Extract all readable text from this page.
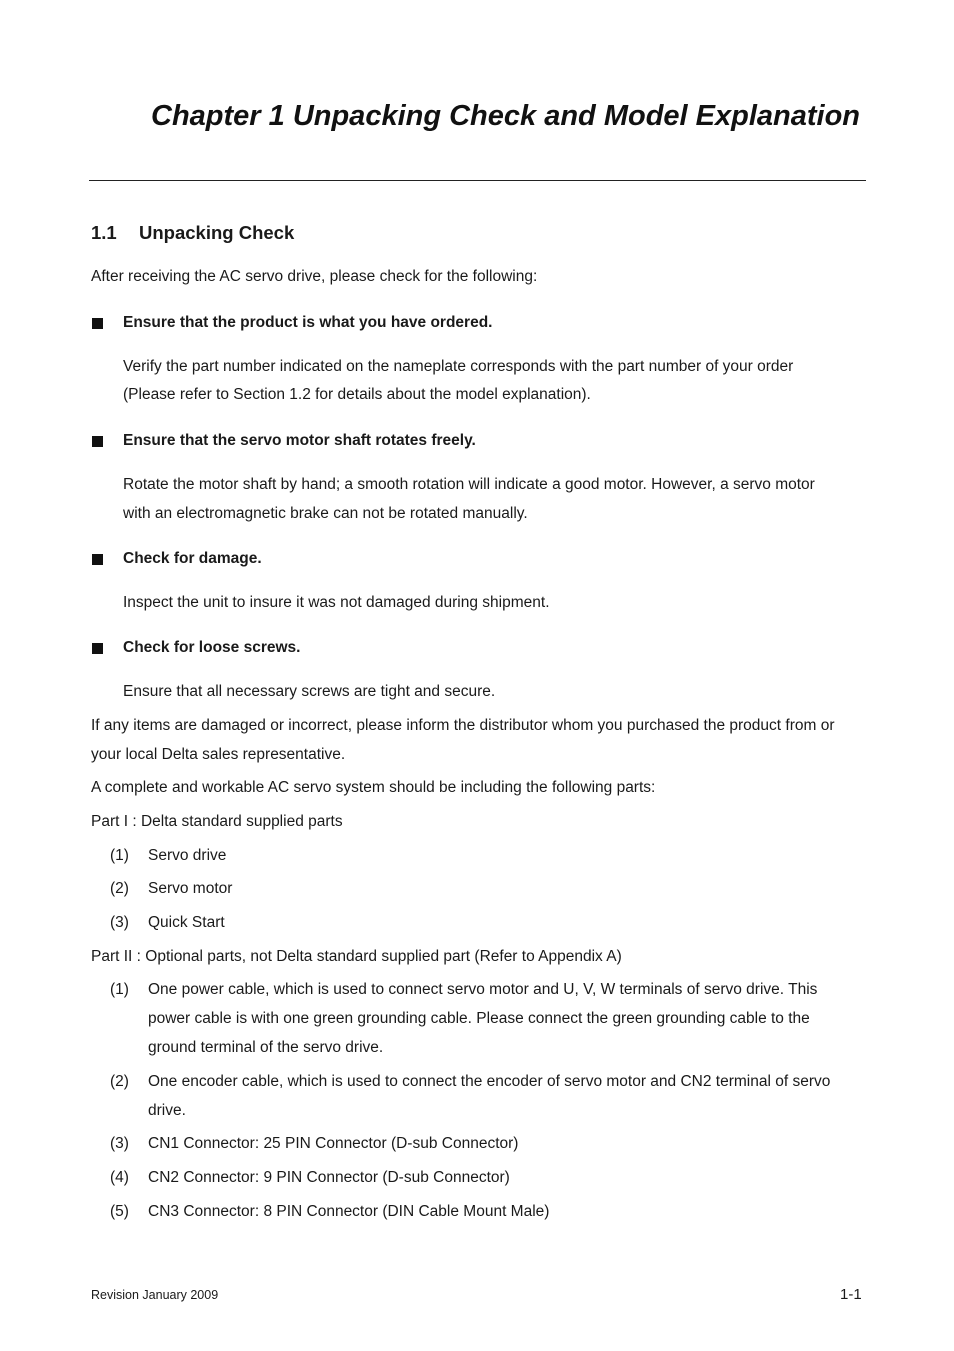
Chapter 1 Unpacking Check and Model Explanation
1.1 Unpacking Check
After receiving the AC servo drive, please check for the following:
Ensure that the product is what you have ordered.
Verify the part number indicated on the nameplate corresponds with the part number of your order
(Please refer to Section 1.2 for details about the model explanation).
Ensure that the servo motor shaft rotates freely.
Rotate the motor shaft by hand; a smooth rotation will indicate a good motor. However, a servo motor
with an electromagnetic brake can not be rotated manually.
Check for damage.
Inspect the unit to insure it was not damaged during shipment.
Check for loose screws.
Ensure that all necessary screws are tight and secure.
If any items are damaged or incorrect, please inform the distributor whom you purchased the product from or
your local Delta sales representative.
A complete and workable AC servo system should be including the following parts:
Part I : Delta standard supplied parts
(1) Servo drive
(2) Servo motor
(3) Quick Start
Part II : Optional parts, not Delta standard supplied part (Refer to Appendix A)
(1) One power cable, which is used to connect servo motor and U, V, W terminals of servo drive. This
power cable is with one green grounding cable. Please connect the green grounding cable to the
ground terminal of the servo drive.
(2) One encoder cable, which is used to connect the encoder of servo motor and CN2 terminal of servo
drive.
(3) CN1 Connector: 25 PIN Connector (D-sub Connector)
(4) CN2 Connector: 9 PIN Connector (D-sub Connector)
(5) CN3 Connector: 8 PIN Connector (DIN Cable Mount Male)
Revision January 2009	1-1
